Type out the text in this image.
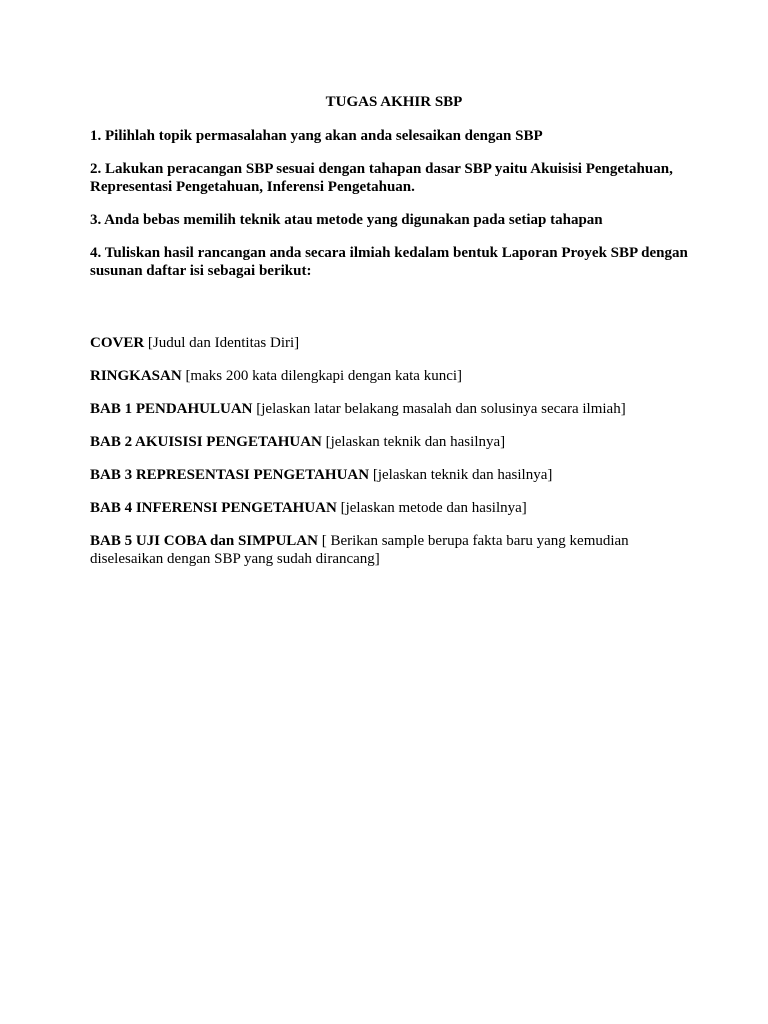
TUGAS AKHIR SBP
1. Pilihlah topik permasalahan yang akan anda selesaikan dengan SBP
2. Lakukan peracangan SBP sesuai dengan tahapan dasar SBP yaitu Akuisisi Pengetahuan, Representasi Pengetahuan, Inferensi Pengetahuan.
3. Anda bebas memilih teknik atau metode yang digunakan pada setiap tahapan
4. Tuliskan hasil rancangan anda secara ilmiah kedalam bentuk Laporan Proyek SBP dengan susunan daftar isi sebagai berikut:
COVER [Judul dan Identitas Diri]
RINGKASAN [maks 200 kata dilengkapi dengan kata kunci]
BAB 1 PENDAHULUAN [jelaskan latar belakang masalah dan solusinya secara ilmiah]
BAB 2 AKUISISI PENGETAHUAN [jelaskan teknik dan hasilnya]
BAB 3 REPRESENTASI PENGETAHUAN [jelaskan teknik dan hasilnya]
BAB 4 INFERENSI PENGETAHUAN [jelaskan metode dan hasilnya]
BAB 5 UJI COBA dan SIMPULAN [ Berikan sample berupa fakta baru yang kemudian diselesaikan dengan SBP yang sudah dirancang]
